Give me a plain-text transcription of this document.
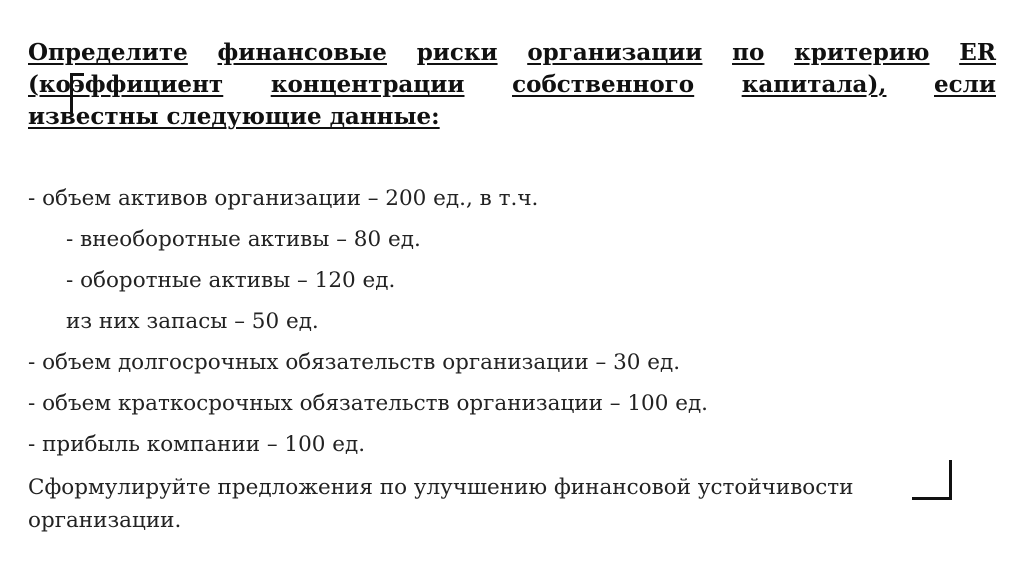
Определите финансовые риски организации по критерию ER
(коэффициент концентрации собственного капитала), если
известны следующие данные:
- объем активов организации – 200 ед., в т.ч.
- внеоборотные активы – 80 ед.
- оборотные активы – 120 ед.
из них запасы – 50 ед.
- объем долгосрочных обязательств организации – 30 ед.
- объем краткосрочных обязательств организации – 100 ед.
- прибыль компании – 100 ед.
Сформулируйте предложения по улучшению финансовой устойчивости организации.
